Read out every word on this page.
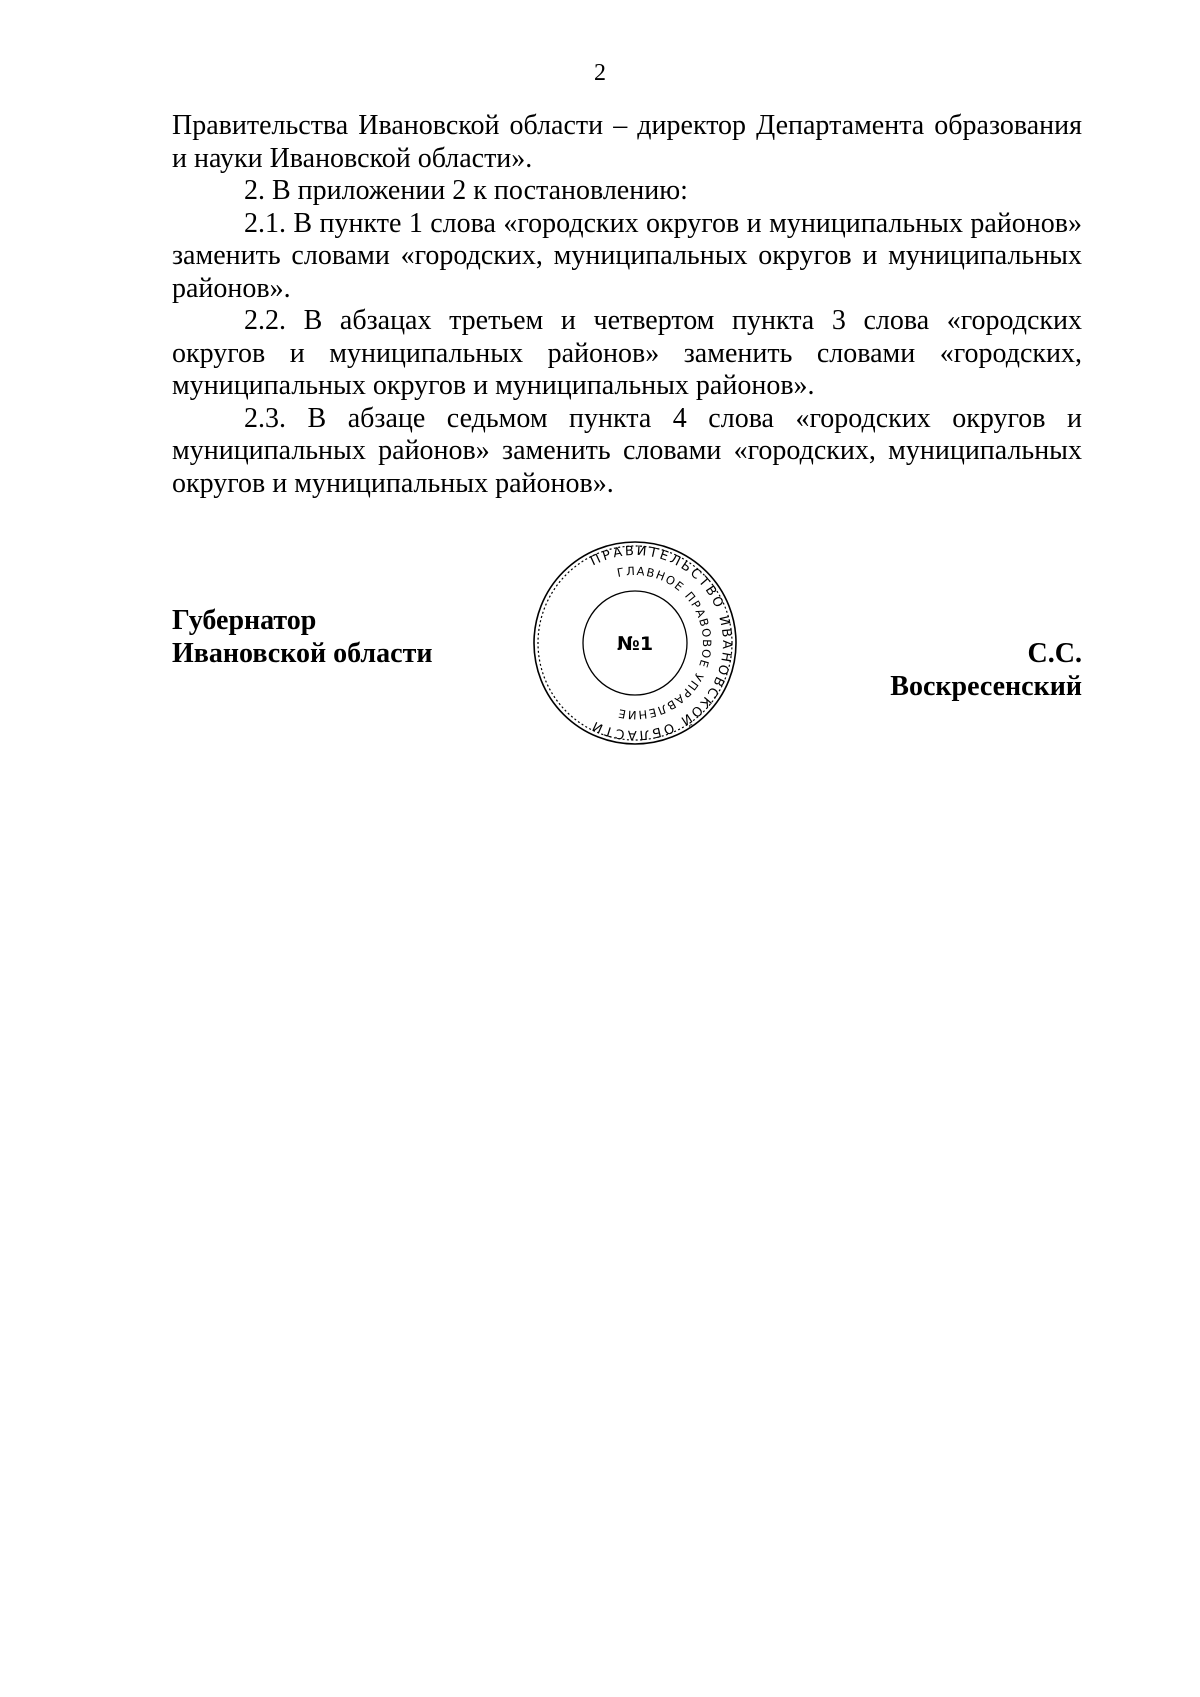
2

Правительства Ивановской области – директор Департамента образования и науки Ивановской области».

2. В приложении 2 к постановлению:

2.1. В пункте 1 слова «городских округов и муниципальных районов» заменить словами «городских, муниципальных округов и муниципальных районов».

2.2. В абзацах третьем и четвертом пункта 3 слова «городских округов и муниципальных районов» заменить словами «городских, муниципальных округов и муниципальных районов».

2.3. В абзаце седьмом пункта 4 слова «городских округов и муниципальных районов» заменить словами «городских, муниципальных округов и муниципальных районов».

Губернатор
Ивановской области	С.С. Воскресенский
ПРАВИТЕЛЬСТВО ИВАНОВСКОЙ ОБЛАСТИ
ГЛАВНОЕ ПРАВОВОЕ УПРАВЛЕНИЕ
№1
